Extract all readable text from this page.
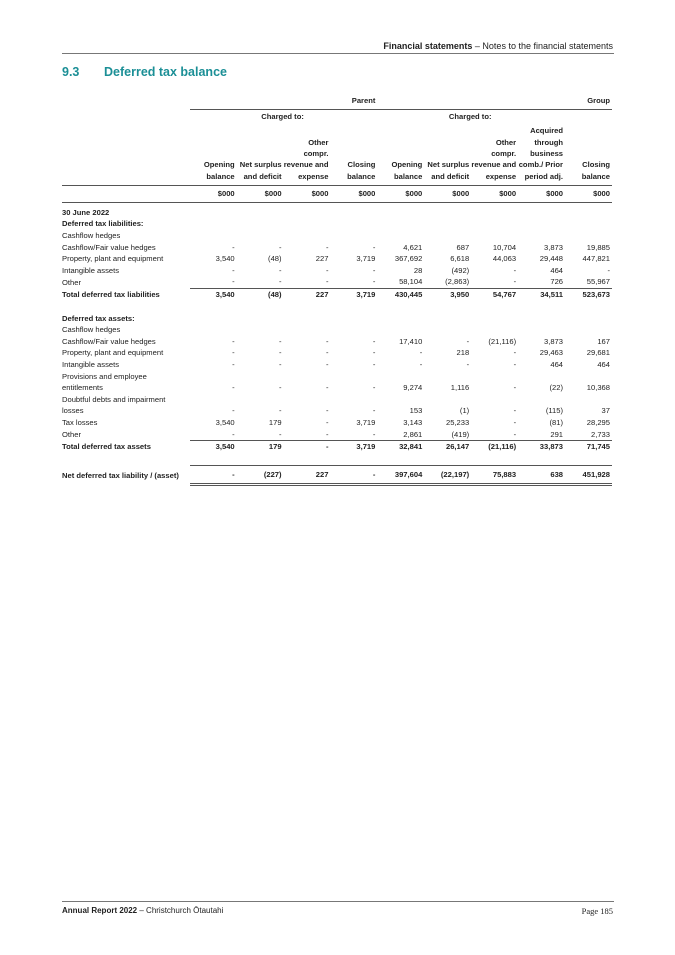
Financial statements – Notes to the financial statements
9.3 Deferred tax balance
	Parent				Group				
		Charged to:				Charged to:			
	Opening balance	Net surplus and deficit	Other compr. revenue and expense	Closing balance	Opening balance	Net surplus and deficit	Other compr. revenue and expense	Acquired through business comb./ Prior period adj.	Closing balance
	$000	$000	$000	$000	$000	$000	$000	$000	$000
30 June 2022									
Deferred tax liabilities:									
Cashflow hedges									
Cashflow/Fair value hedges	-	-	-	-	4,621	687	10,704	3,873	19,885
Property, plant and equipment	3,540	(48)	227	3,719	367,692	6,618	44,063	29,448	447,821
Intangible assets	-	-	-	-	28	(492)	-	464	-
Other	-	-	-	-	58,104	(2,863)	-	726	55,967
Total deferred tax liabilities	3,540	(48)	227	3,719	430,445	3,950	54,767	34,511	523,673

Deferred tax assets:									
Cashflow hedges									
Cashflow/Fair value hedges	-	-	-	-	17,410	-	(21,116)	3,873	167
Property, plant and equipment	-	-	-	-	-	218	-	29,463	29,681
Intangible assets	-	-	-	-	-	-	-	464	464
Provisions and employee entitlements	-	-	-	-	9,274	1,116	-	(22)	10,368
Doubtful debts and impairment losses	-	-	-	-	153	(1)	-	(115)	37
Tax losses	3,540	179	-	3,719	3,143	25,233	-	(81)	28,295
Other	-	-	-	-	2,861	(419)	-	291	2,733
Total deferred tax assets	3,540	179	-	3,719	32,841	26,147	(21,116)	33,873	71,745

Net deferred tax liability / (asset)	-	(227)	227	-	397,604	(22,197)	75,883	638	451,928
Annual Report 2022 – Christchurch Ōtautahi	Page 185
